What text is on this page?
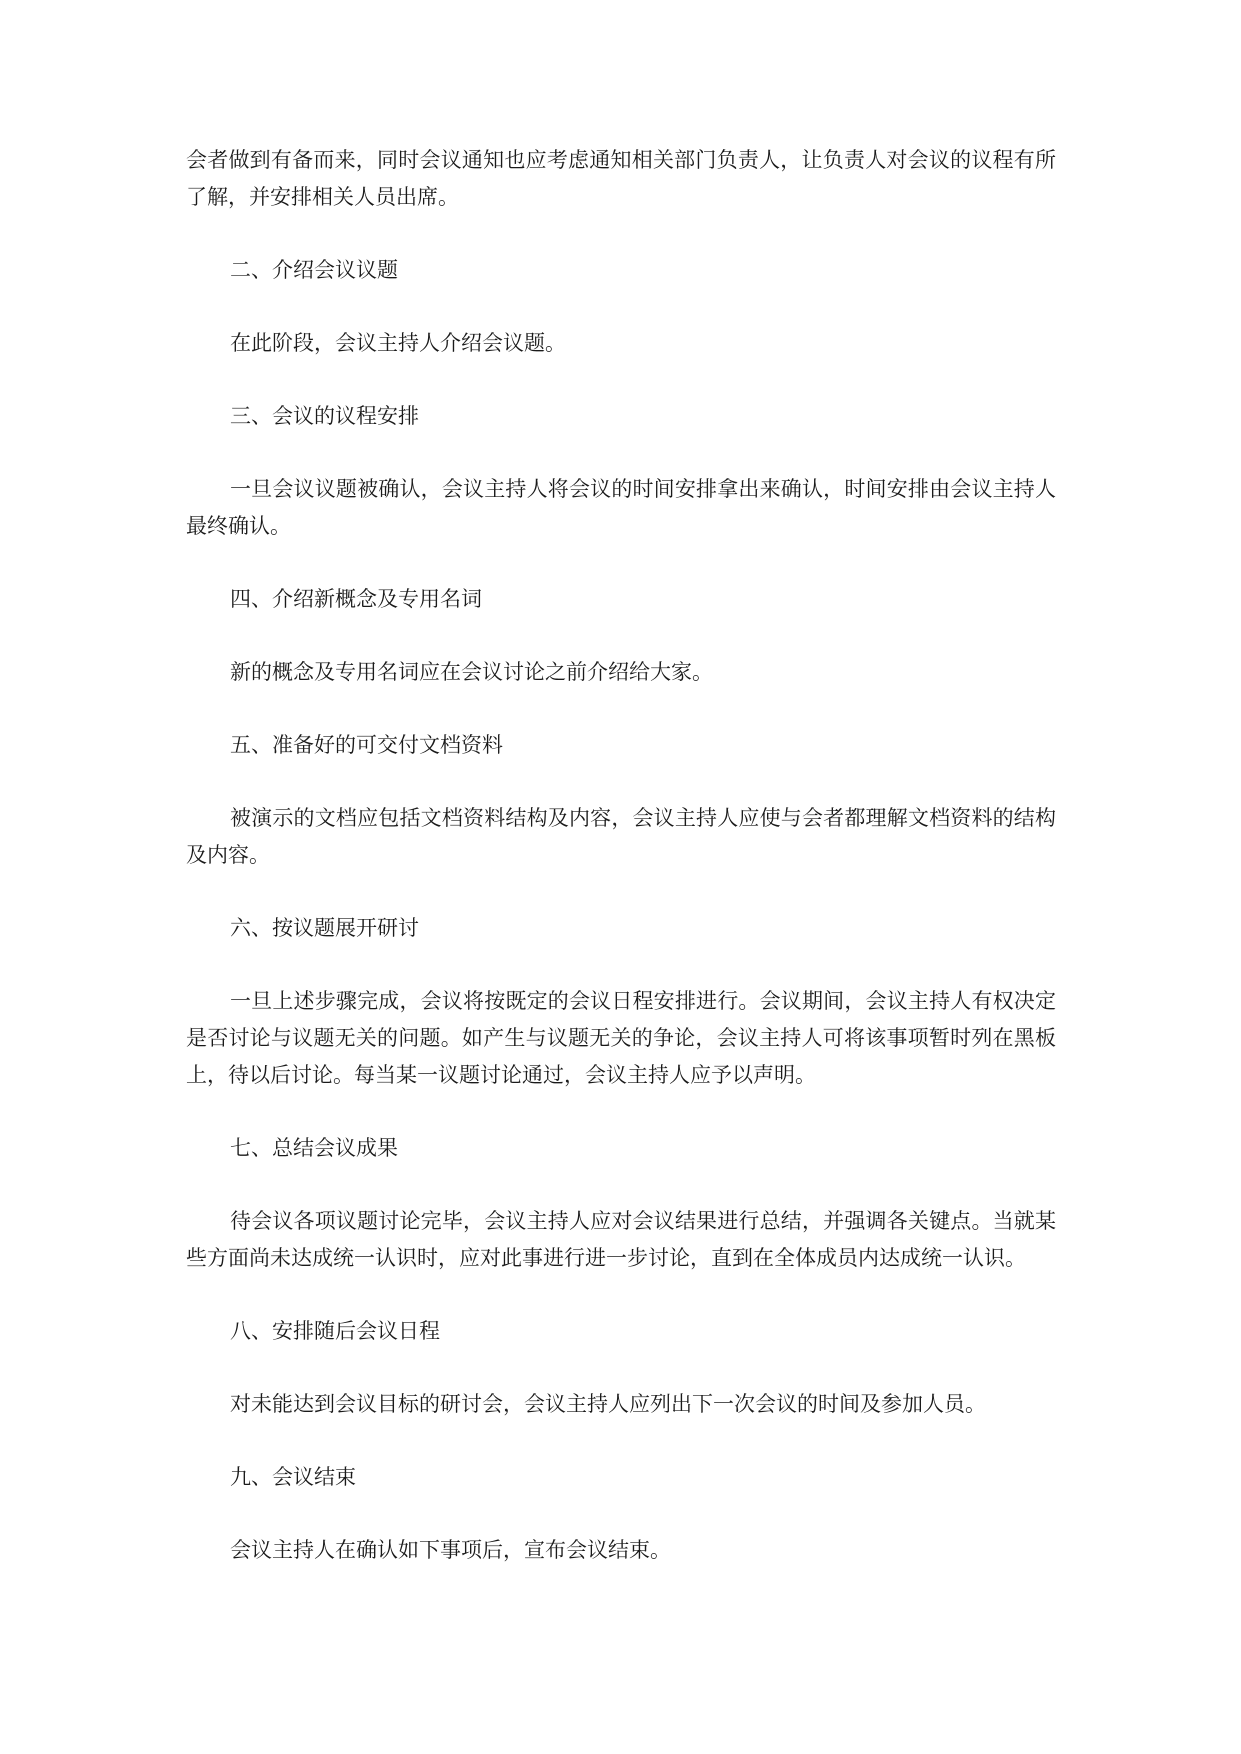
会者做到有备而来，同时会议通知也应考虑通知相关部门负责人，让负责人对会议的议程有所了解，并安排相关人员出席。

二、介绍会议议题

在此阶段，会议主持人介绍会议题。

三、会议的议程安排

一旦会议议题被确认，会议主持人将会议的时间安排拿出来确认，时间安排由会议主持人最终确认。

四、介绍新概念及专用名词

新的概念及专用名词应在会议讨论之前介绍给大家。

五、准备好的可交付文档资料

被演示的文档应包括文档资料结构及内容，会议主持人应使与会者都理解文档资料的结构及内容。

六、按议题展开研讨

一旦上述步骤完成，会议将按既定的会议日程安排进行。会议期间，会议主持人有权决定是否讨论与议题无关的问题。如产生与议题无关的争论，会议主持人可将该事项暂时列在黑板上，待以后讨论。每当某一议题讨论通过，会议主持人应予以声明。

七、总结会议成果

待会议各项议题讨论完毕，会议主持人应对会议结果进行总结，并强调各关键点。当就某些方面尚未达成统一认识时，应对此事进行进一步讨论，直到在全体成员内达成统一认识。

八、安排随后会议日程

对未能达到会议目标的研讨会，会议主持人应列出下一次会议的时间及参加人员。

九、会议结束

会议主持人在确认如下事项后，宣布会议结束。
